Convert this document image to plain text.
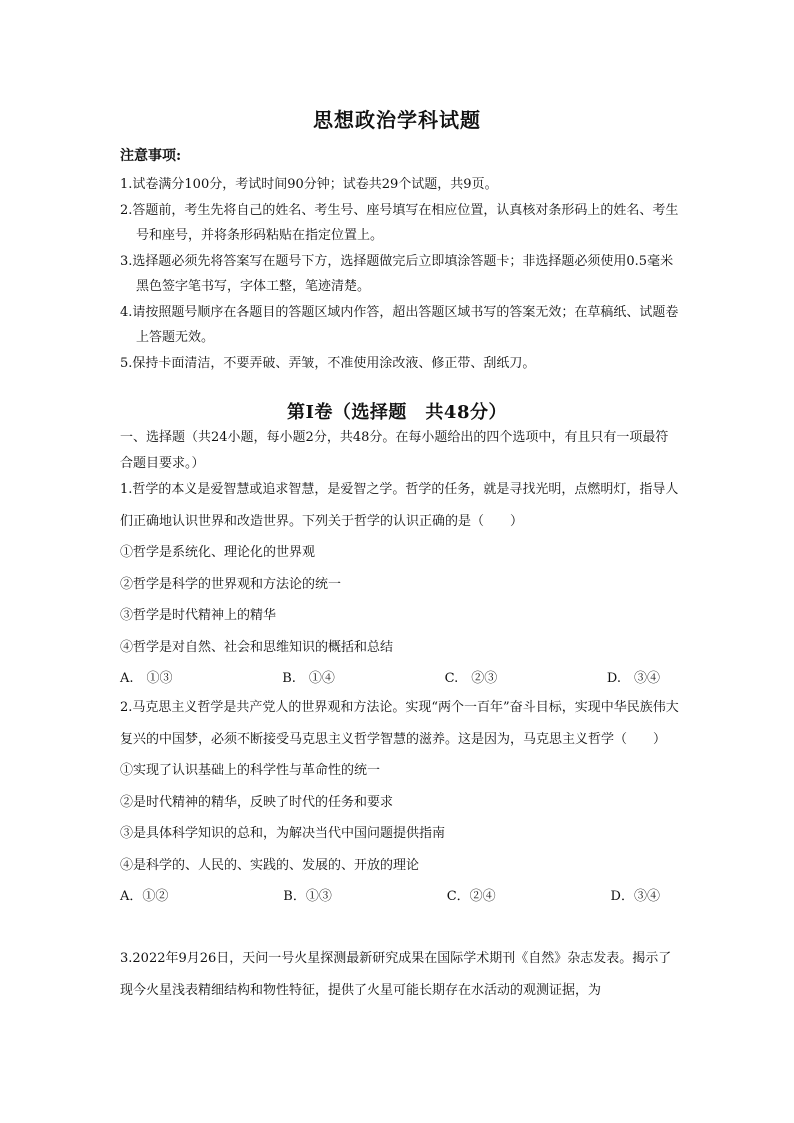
思想政治学科试题
注意事项:

1.试卷满分100分，考试时间90分钟；试卷共29个试题，共9页。

2.答题前，考生先将自己的姓名、考生号、座号填写在相应位置，认真核对条形码上的姓名、考生号和座号，并将条形码粘贴在指定位置上。

3.选择题必须先将答案写在题号下方，选择题做完后立即填涂答题卡；非选择题必须使用0.5毫米黑色签字笔书写，字体工整，笔迹清楚。

4.请按照题号顺序在各题目的答题区域内作答，超出答题区域书写的答案无效；在草稿纸、试题卷上答题无效。

5.保持卡面清洁，不要弄破、弄皱，不准使用涂改液、修正带、刮纸刀。

第Ⅰ卷（选择题　共48分）

一、选择题（共24小题，每小题2分，共48分。在每小题给出的四个选项中，有且只有一项最符合题目要求。）

1.哲学的本义是爱智慧或追求智慧，是爱智之学。哲学的任务，就是寻找光明，点燃明灯，指导人们正确地认识世界和改造世界。下列关于哲学的认识正确的是（　　）

①哲学是系统化、理论化的世界观

②哲学是科学的世界观和方法论的统一

③哲学是时代精神上的精华

④哲学是对自然、社会和思维知识的概括和总结

A.　①③	B.　①④	C.　②③	D.　③④

2.马克思主义哲学是共产党人的世界观和方法论。实现“两个一百年”奋斗目标，实现中华民族伟大复兴的中国梦，必须不断接受马克思主义哲学智慧的滋养。这是因为，马克思主义哲学（　　）

①实现了认识基础上的科学性与革命性的统一

②是时代精神的精华，反映了时代的任务和要求

③是具体科学知识的总和，为解决当代中国问题提供指南

④是科学的、人民的、实践的、发展的、开放的理论

A．①②	B．①③	C．②④	D．③④

3.2022年9月26日，天问一号火星探测最新研究成果在国际学术期刊《自然》杂志发表。揭示了现今火星浅表精细结构和物性特征，提供了火星可能长期存在水活动的观测证据，为
